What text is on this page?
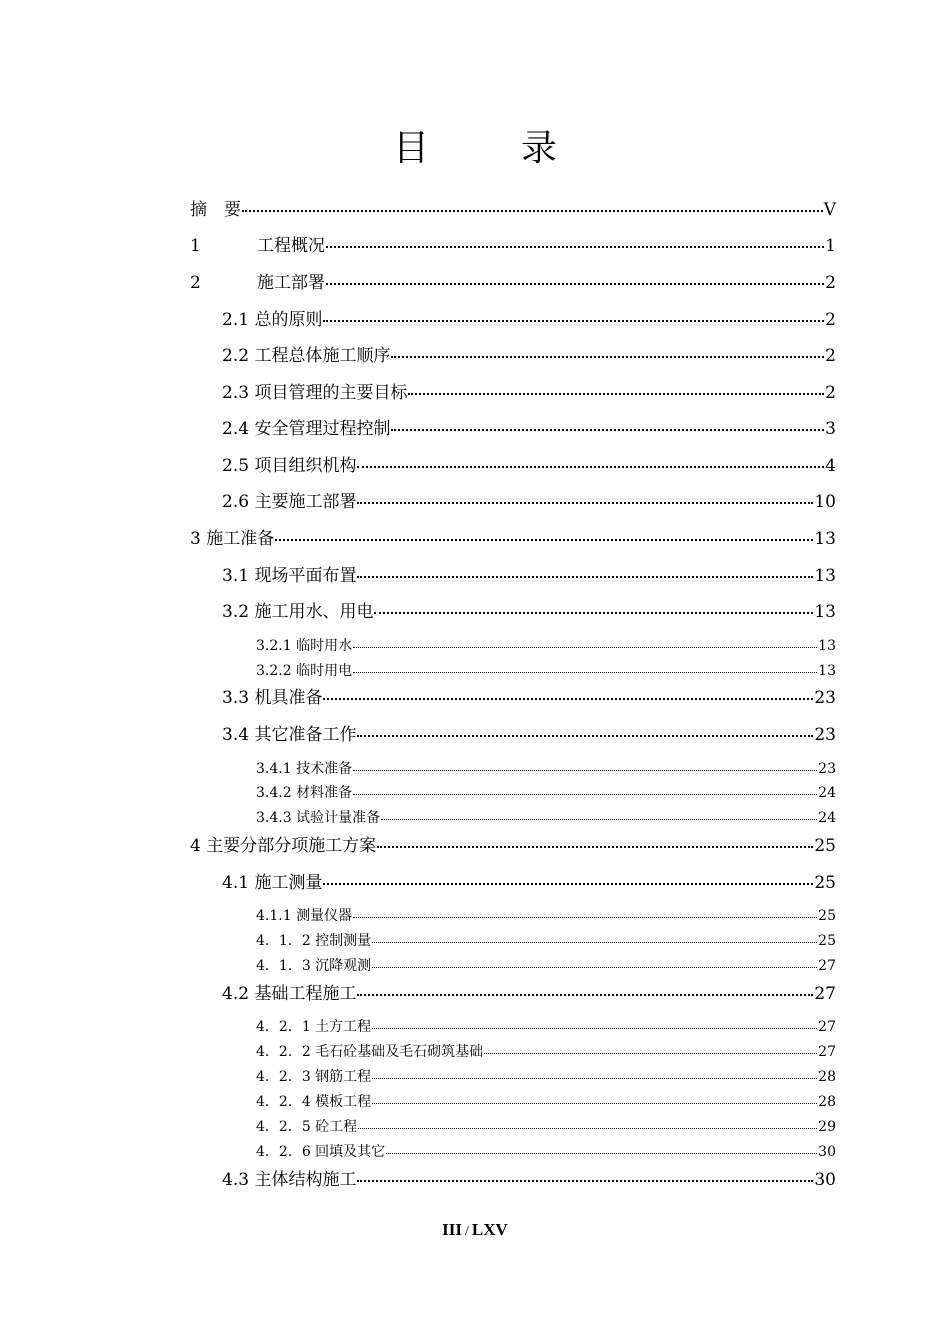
目	录
摘　要	V
1	工程概况	1
2	施工部署	2
2.1 总的原则	2
2.2 工程总体施工顺序	2
2.3 项目管理的主要目标	2
2.4 安全管理过程控制	3
2.5 项目组织机构	4
2.6 主要施工部署	10
3 施工准备	13
3.1 现场平面布置	13
3.2 施工用水、用电	13
3.2.1 临时用水	13
3.2.2 临时用电	13
3.3 机具准备	23
3.4 其它准备工作	23
3.4.1 技术准备	23
3.4.2 材料准备	24
3.4.3 试验计量准备	24
4 主要分部分项施工方案	25
4.1 施工测量	25
4.1.1 测量仪器	25
4．1．2 控制测量	25
4．1．3 沉降观测	27
4.2 基础工程施工	27
4．2．1 土方工程	27
4．2．2 毛石砼基础及毛石砌筑基础	27
4．2．3 钢筋工程	28
4．2．4 模板工程	28
4．2．5 砼工程	29
4．2．6 回填及其它	30
4.3 主体结构施工	30
III / LXV
